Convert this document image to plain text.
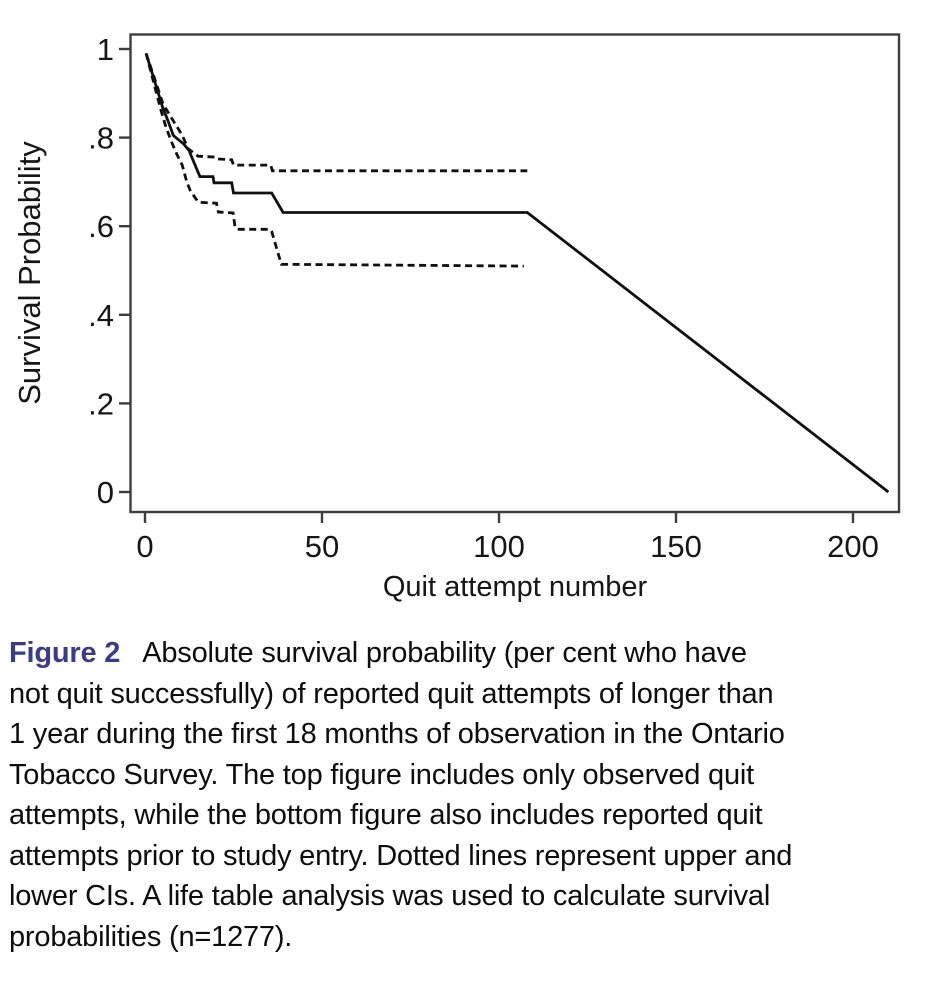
0
.2
.4
.6
.8
1
0	50	100	150	200
Survival Probability
Quit attempt number
Figure 2 Absolute survival probability (per cent who have
not quit successfully) of reported quit attempts of longer than
1 year during the first 18 months of observation in the Ontario
Tobacco Survey. The top figure includes only observed quit
attempts, while the bottom figure also includes reported quit
attempts prior to study entry. Dotted lines represent upper and
lower CIs. A life table analysis was used to calculate survival
probabilities (n=1277).
